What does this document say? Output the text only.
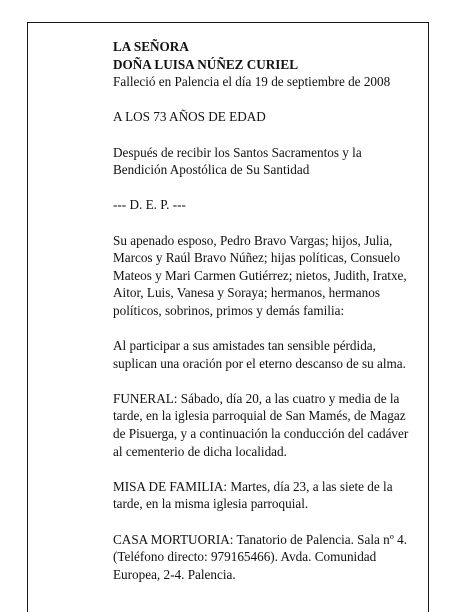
LA SEÑORA
DOÑA LUISA NÚÑEZ CURIEL

Falleció en Palencia el día 19 de septiembre de 2008

A LOS 73 AÑOS DE EDAD

Después de recibir los Santos Sacramentos y la Bendición Apostólica de Su Santidad

--- D. E. P. ---

Su apenado esposo, Pedro Bravo Vargas; hijos, Julia, Marcos y Raúl Bravo Núñez; hijas políticas, Consuelo Mateos y Mari Carmen Gutiérrez; nietos, Judith, Iratxe, Aitor, Luis, Vanesa y Soraya; hermanos, hermanos políticos, sobrinos, primos y demás familia:

Al participar a sus amistades tan sensible pérdida, suplican una oración por el eterno descanso de su alma.

FUNERAL: Sábado, día 20, a las cuatro y media de la tarde, en la iglesia parroquial de San Mamés, de Magaz de Pisuerga, y a continuación la conducción del cadáver al cementerio de dicha localidad.

MISA DE FAMILIA: Martes, día 23, a las siete de la tarde, en la misma iglesia parroquial.

CASA MORTUORIA: Tanatorio de Palencia. Sala nº 4. (Teléfono directo: 979165466). Avda. Comunidad Europea, 2-4. Palencia.
